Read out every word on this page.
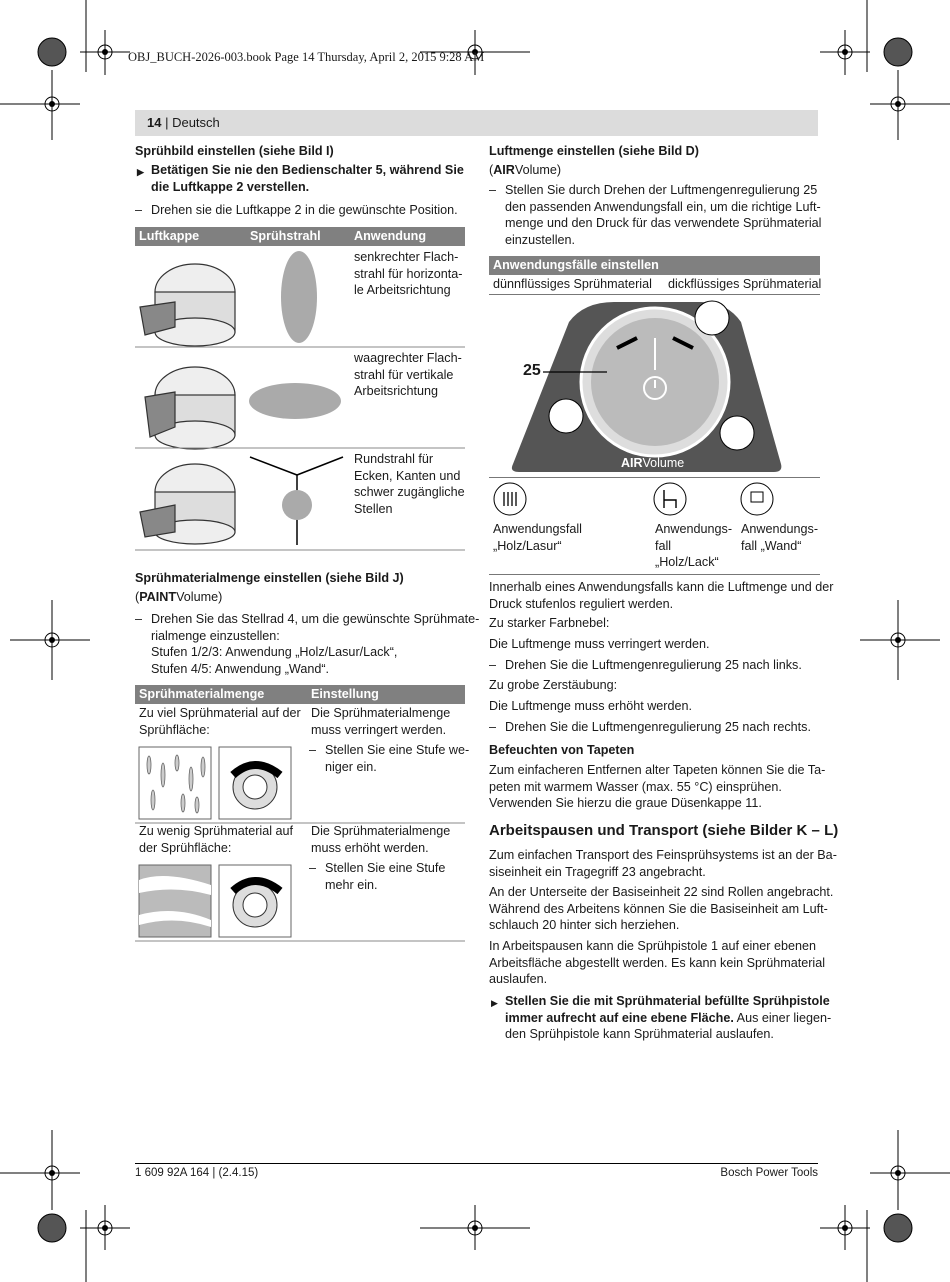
OBJ_BUCH-2026-003.book Page 14 Thursday, April 2, 2015 9:28 AM
14 | Deutsch
Sprühbild einstellen (siehe Bild I)
▶ Betätigen Sie nie den Bedienschalter 5, während Sie
die Luftkappe 2 verstellen.
– Drehen sie die Luftkappe 2 in die gewünschte Position.
Luftkappe	Sprühstrahl	Anwendung
senkrechter Flach-
strahl für horizonta-
le Arbeitsrichtung
waagrechter Flach-
strahl für vertikale
Arbeitsrichtung
Rundstrahl für
Ecken, Kanten und
schwer zugängliche
Stellen
Sprühmaterialmenge einstellen (siehe Bild J)
(PAINTVolume)
– Drehen Sie das Stellrad 4, um die gewünschte Sprühmate-
rialmenge einzustellen:
Stufen 1/2/3: Anwendung „Holz/Lasur/Lack“,
Stufen 4/5: Anwendung „Wand“.
Sprühmaterialmenge	Einstellung
Zu viel Sprühmaterial auf der
Sprühfläche:
Die Sprühmaterialmenge
muss verringert werden.
– Stellen Sie eine Stufe we-
niger ein.
Zu wenig Sprühmaterial auf
der Sprühfläche:
Die Sprühmaterialmenge
muss erhöht werden.
– Stellen Sie eine Stufe
mehr ein.
Luftmenge einstellen (siehe Bild D)
(AIRVolume)
– Stellen Sie durch Drehen der Luftmengenregulierung 25
den passenden Anwendungsfall ein, um die richtige Luft-
menge und den Druck für das verwendete Sprühmaterial
einzustellen.
Anwendungsfälle einstellen
dünnflüssiges Sprühmaterial dickflüssiges Sprühmaterial
25
AIRVolume
Anwendungsfall
„Holz/Lasur“
Anwendungs-
fall
„Holz/Lack“
Anwendungs-
fall „Wand“
Innerhalb eines Anwendungsfalls kann die Luftmenge und der
Druck stufenlos reguliert werden.
Zu starker Farbnebel:
Die Luftmenge muss verringert werden.
– Drehen Sie die Luftmengenregulierung 25 nach links.
Zu grobe Zerstäubung:
Die Luftmenge muss erhöht werden.
– Drehen Sie die Luftmengenregulierung 25 nach rechts.
Befeuchten von Tapeten
Zum einfacheren Entfernen alter Tapeten können Sie die Ta-
peten mit warmem Wasser (max. 55 °C) einsprühen.
Verwenden Sie hierzu die graue Düsenkappe 11.
Arbeitspausen und Transport (siehe Bilder K – L)
Zum einfachen Transport des Feinsprühsystems ist an der Ba-
siseinheit ein Tragegriff 23 angebracht.
An der Unterseite der Basiseinheit 22 sind Rollen angebracht.
Während des Arbeitens können Sie die Basiseinheit am Luft-
schlauch 20 hinter sich herziehen.
In Arbeitspausen kann die Sprühpistole 1 auf einer ebenen
Arbeitsfläche abgestellt werden. Es kann kein Sprühmaterial
auslaufen.
▶ Stellen Sie die mit Sprühmaterial befüllte Sprühpistole
immer aufrecht auf eine ebene Fläche. Aus einer liegen-
den Sprühpistole kann Sprühmaterial auslaufen.
1 609 92A 164 | (2.4.15)	Bosch Power Tools
